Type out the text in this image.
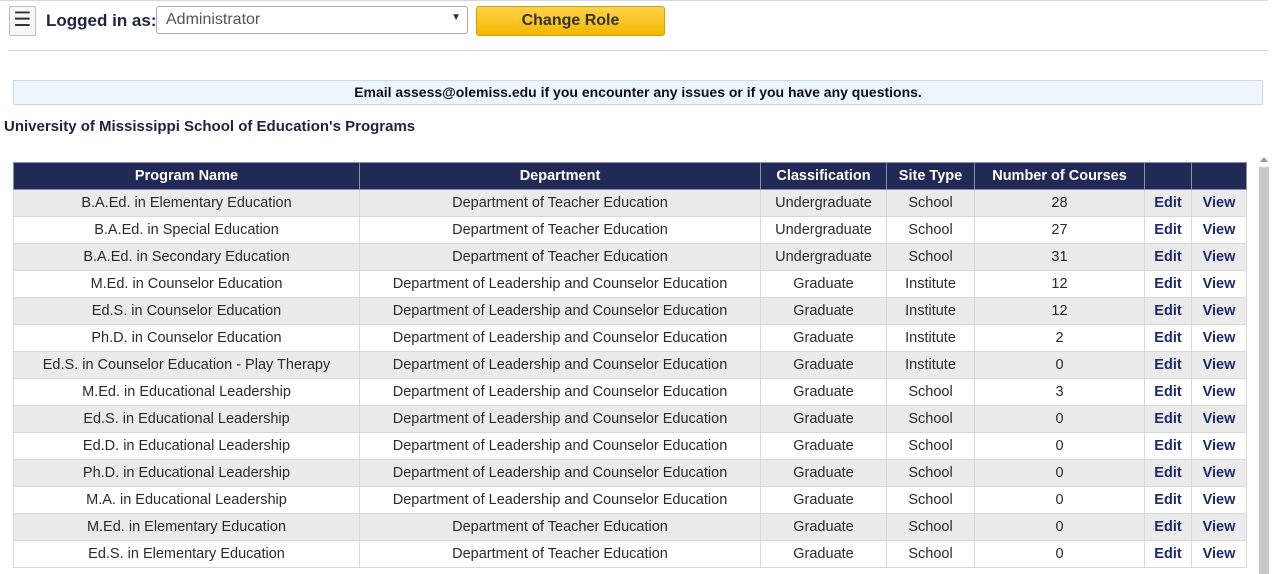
☰ Logged in as: Administrator	▼	Change Role
Email assess@olemiss.edu if you encounter any issues or if you have any questions.
University of Mississippi School of Education's Programs
Program Name	Department	Classification	Site Type	Number of Courses		
B.A.Ed. in Elementary Education	Department of Teacher Education	Undergraduate	School	28	Edit	View
B.A.Ed. in Special Education	Department of Teacher Education	Undergraduate	School	27	Edit	View
B.A.Ed. in Secondary Education	Department of Teacher Education	Undergraduate	School	31	Edit	View
M.Ed. in Counselor Education	Department of Leadership and Counselor Education	Graduate	Institute	12	Edit	View
Ed.S. in Counselor Education	Department of Leadership and Counselor Education	Graduate	Institute	12	Edit	View
Ph.D. in Counselor Education	Department of Leadership and Counselor Education	Graduate	Institute	2	Edit	View
Ed.S. in Counselor Education - Play Therapy	Department of Leadership and Counselor Education	Graduate	Institute	0	Edit	View
M.Ed. in Educational Leadership	Department of Leadership and Counselor Education	Graduate	School	3	Edit	View
Ed.S. in Educational Leadership	Department of Leadership and Counselor Education	Graduate	School	0	Edit	View
Ed.D. in Educational Leadership	Department of Leadership and Counselor Education	Graduate	School	0	Edit	View
Ph.D. in Educational Leadership	Department of Leadership and Counselor Education	Graduate	School	0	Edit	View
M.A. in Educational Leadership	Department of Leadership and Counselor Education	Graduate	School	0	Edit	View
M.Ed. in Elementary Education	Department of Teacher Education	Graduate	School	0	Edit	View
Ed.S. in Elementary Education	Department of Teacher Education	Graduate	School	0	Edit	View
